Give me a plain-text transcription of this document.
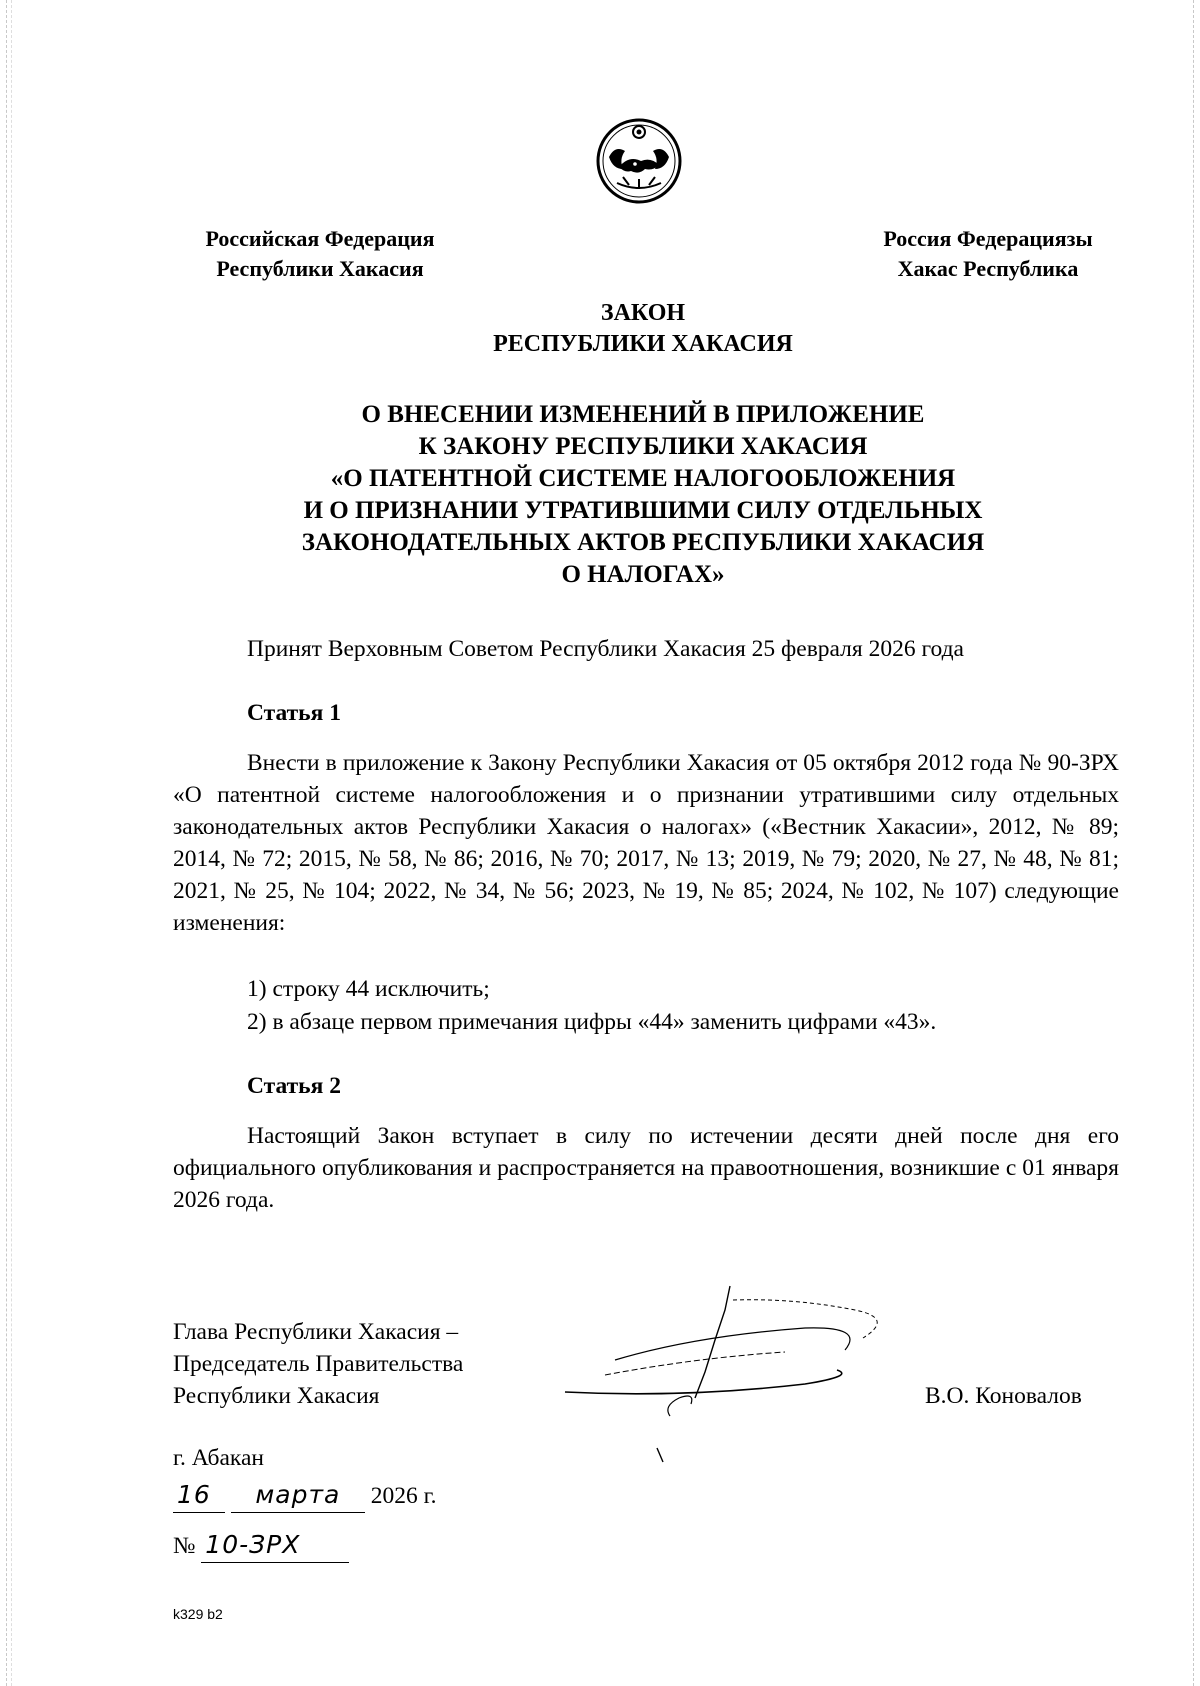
Российская Федерация
Республики Хакасия
Россия Федерациязы
Хакас Республика
ЗАКОН
РЕСПУБЛИКИ ХАКАСИЯ
О ВНЕСЕНИИ ИЗМЕНЕНИЙ В ПРИЛОЖЕНИЕ
К ЗАКОНУ РЕСПУБЛИКИ ХАКАСИЯ
«О ПАТЕНТНОЙ СИСТЕМЕ НАЛОГООБЛОЖЕНИЯ
И О ПРИЗНАНИИ УТРАТИВШИМИ СИЛУ ОТДЕЛЬНЫХ
ЗАКОНОДАТЕЛЬНЫХ АКТОВ РЕСПУБЛИКИ ХАКАСИЯ
О НАЛОГАХ»
Принят Верховным Советом Республики Хакасия 25 февраля 2026 года
Статья 1
Внести в приложение к Закону Республики Хакасия от 05 октября 2012 года № 90-ЗРХ «О патентной системе налогообложения и о признании утратившими силу отдельных законодательных актов Республики Хакасия о налогах» («Вестник Хакасии», 2012, № 89; 2014, № 72; 2015, № 58, № 86; 2016, № 70; 2017, № 13; 2019, № 79; 2020, № 27, № 48, № 81; 2021, № 25, № 104; 2022, № 34, № 56; 2023, № 19, № 85; 2024, № 102, № 107) следующие изменения:
1) строку 44 исключить;
2) в абзаце первом примечания цифры «44» заменить цифрами «43».
Статья 2
Настоящий Закон вступает в силу по истечении десяти дней после дня его официального опубликования и распространяется на правоотношения, возникшие с 01 января 2026 года.
Глава Республики Хакасия –
Председатель Правительства
Республики Хакасия	В.О. Коновалов
г. Абакан
16 марта 2026 г.
№ 10-ЗРХ
k329 b2
